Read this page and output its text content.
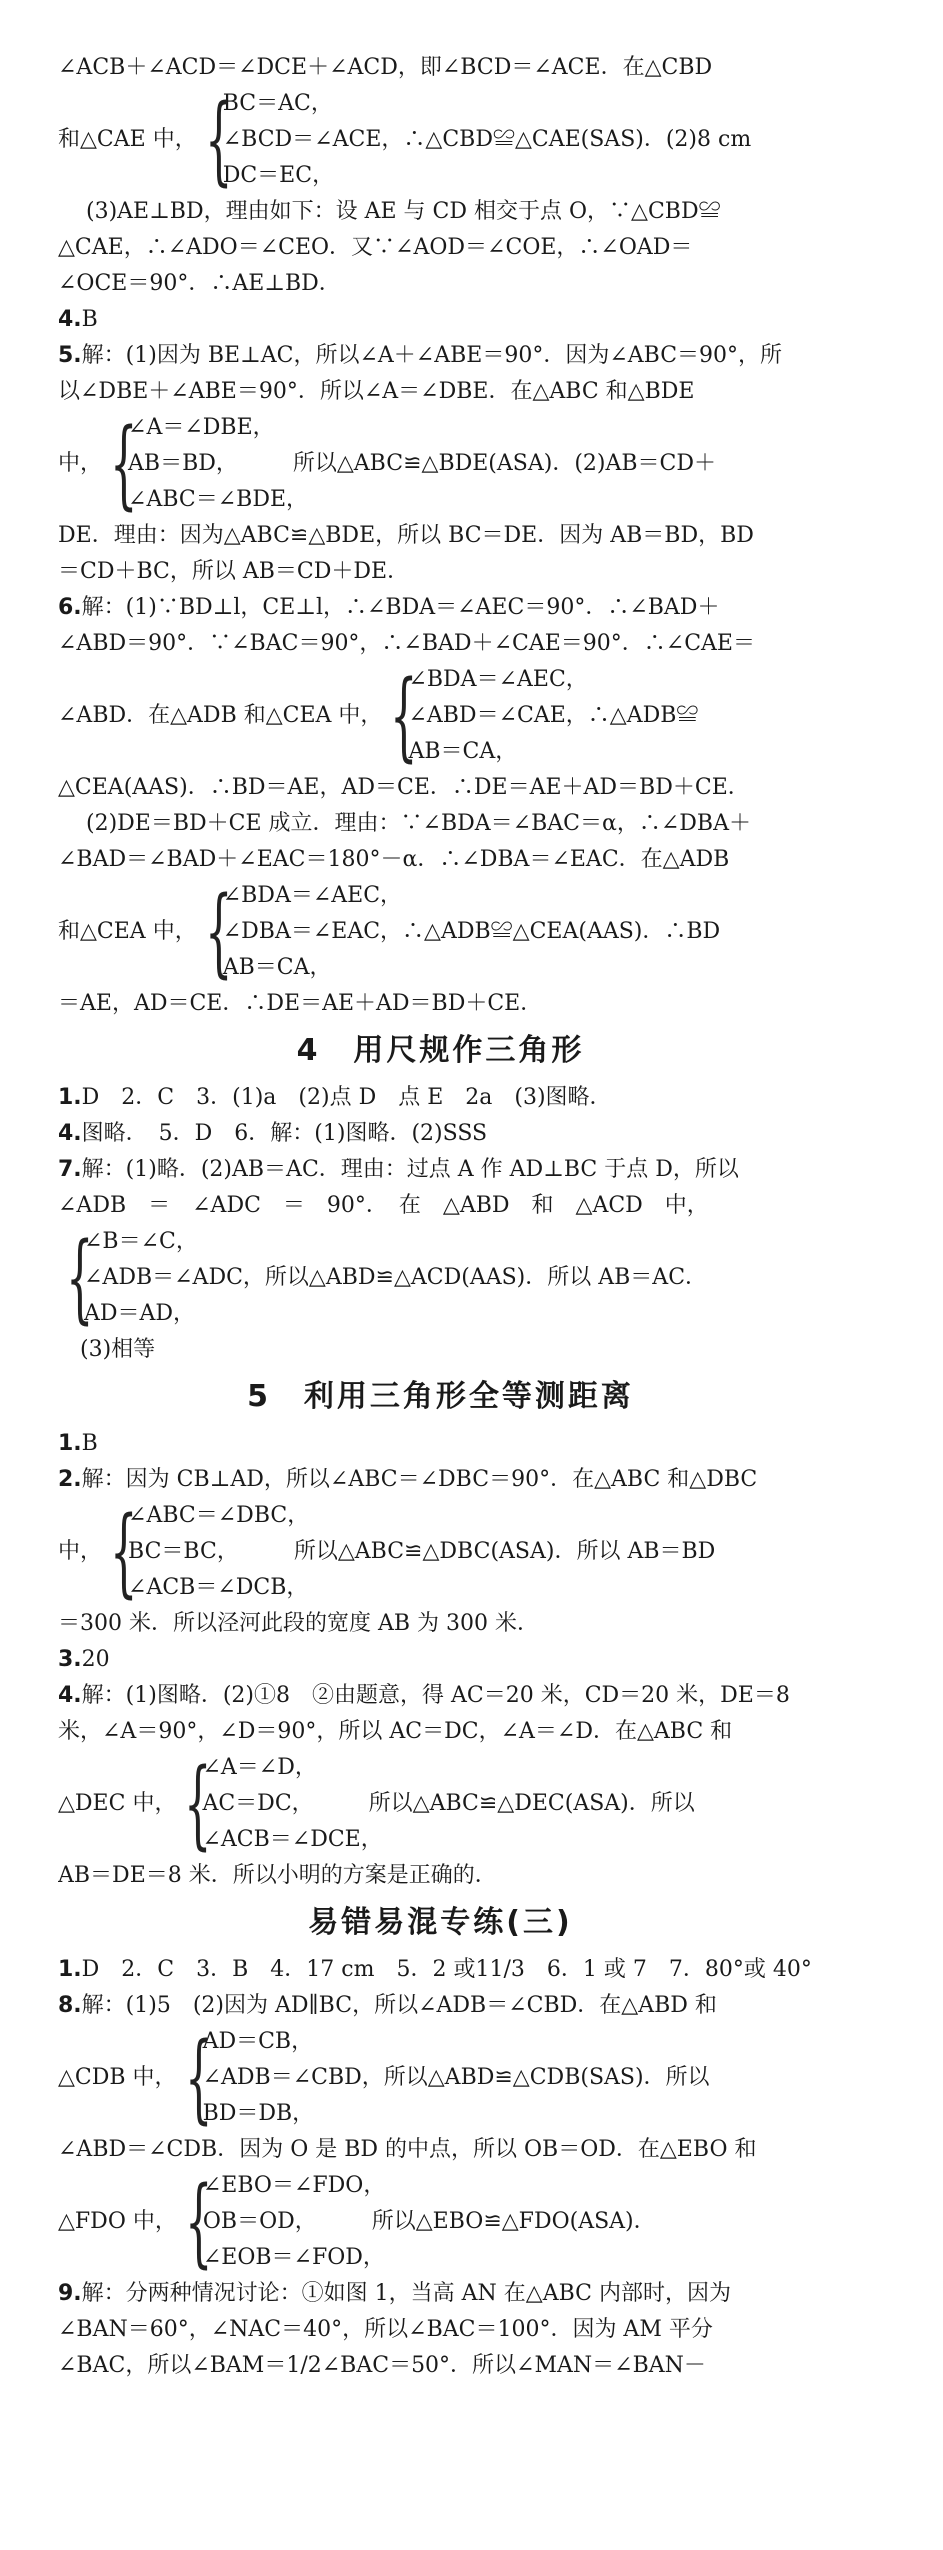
∠ACB＋∠ACD＝∠DCE＋∠ACD，即∠BCD＝∠ACE．在△CBD
和△CAE 中， {
BC＝AC，
∠BCD＝∠ACE，∴△CBD≌△CAE(SAS)．(2)8 cm
DC＝EC，
(3)AE⊥BD，理由如下：设 AE 与 CD 相交于点 O，∵△CBD≌
△CAE，∴∠ADO＝∠CEO．又∵∠AOD＝∠COE，∴∠OAD＝
∠OCE＝90°．∴AE⊥BD．
4.B
5.解：(1)因为 BE⊥AC，所以∠A＋∠ABE＝90°．因为∠ABC＝90°，所
以∠DBE＋∠ABE＝90°．所以∠A＝∠DBE．在△ABC 和△BDE
中， {
∠A＝∠DBE，
AB＝BD，　　　所以△ABC≌△BDE(ASA)．(2)AB＝CD＋
∠ABC＝∠BDE，
DE．理由：因为△ABC≌△BDE，所以 BC＝DE．因为 AB＝BD，BD
＝CD＋BC，所以 AB＝CD＋DE．
6.解：(1)∵BD⊥l，CE⊥l，∴∠BDA＝∠AEC＝90°．∴∠BAD＋
∠ABD＝90°．∵∠BAC＝90°，∴∠BAD＋∠CAE＝90°．∴∠CAE＝
∠ABD．在△ADB 和△CEA 中， {
∠BDA＝∠AEC，
∠ABD＝∠CAE，∴△ADB≌
AB＝CA，
△CEA(AAS)．∴BD＝AE，AD＝CE．∴DE＝AE＋AD＝BD＋CE．
(2)DE＝BD＋CE 成立．理由：∵∠BDA＝∠BAC＝α，∴∠DBA＋
∠BAD＝∠BAD＋∠EAC＝180°－α．∴∠DBA＝∠EAC．在△ADB
和△CEA 中， {
∠BDA＝∠AEC，
∠DBA＝∠EAC，∴△ADB≌△CEA(AAS)．∴BD
AB＝CA，
＝AE，AD＝CE．∴DE＝AE＋AD＝BD＋CE．
4　用尺规作三角形
1.D　2．C　3．(1)a　(2)点 D　点 E　2a　(3)图略．
4.图略．　5．D　6．解：(1)图略．(2)SSS
7.解：(1)略．(2)AB＝AC．理由：过点 A 作 AD⊥BC 于点 D，所以
∠ADB　＝　∠ADC　＝　90°．　在　△ABD　和　△ACD　中，
{
∠B＝∠C，
∠ADB＝∠ADC，所以△ABD≌△ACD(AAS)．所以 AB＝AC．
AD＝AD，
(3)相等
5　利用三角形全等测距离
1.B
2.解：因为 CB⊥AD，所以∠ABC＝∠DBC＝90°．在△ABC 和△DBC
中， {
∠ABC＝∠DBC，
BC＝BC，　　　所以△ABC≌△DBC(ASA)．所以 AB＝BD
∠ACB＝∠DCB，
＝300 米．所以泾河此段的宽度 AB 为 300 米．
3.20
4.解：(1)图略．(2)①8　②由题意，得 AC＝20 米，CD＝20 米，DE＝8
米，∠A＝90°，∠D＝90°，所以 AC＝DC，∠A＝∠D．在△ABC 和
△DEC 中， {
∠A＝∠D，
AC＝DC，　　　所以△ABC≌△DEC(ASA)．所以
∠ACB＝∠DCE，
AB＝DE＝8 米．所以小明的方案是正确的．
易错易混专练(三)
1.D　2．C　3．B　4．17 cm　5．2 或11/3　6．1 或 7　7．80°或 40°
8.解：(1)5　(2)因为 AD∥BC，所以∠ADB＝∠CBD．在△ABD 和
△CDB 中， {
AD＝CB，
∠ADB＝∠CBD，所以△ABD≌△CDB(SAS)．所以
BD＝DB，
∠ABD＝∠CDB．因为 O 是 BD 的中点，所以 OB＝OD．在△EBO 和
△FDO 中， {
∠EBO＝∠FDO，
OB＝OD，　　　所以△EBO≌△FDO(ASA)．
∠EOB＝∠FOD，
9.解：分两种情况讨论：①如图 1，当高 AN 在△ABC 内部时，因为
∠BAN＝60°，∠NAC＝40°，所以∠BAC＝100°．因为 AM 平分
∠BAC，所以∠BAM＝1/2∠BAC＝50°．所以∠MAN＝∠BAN－
